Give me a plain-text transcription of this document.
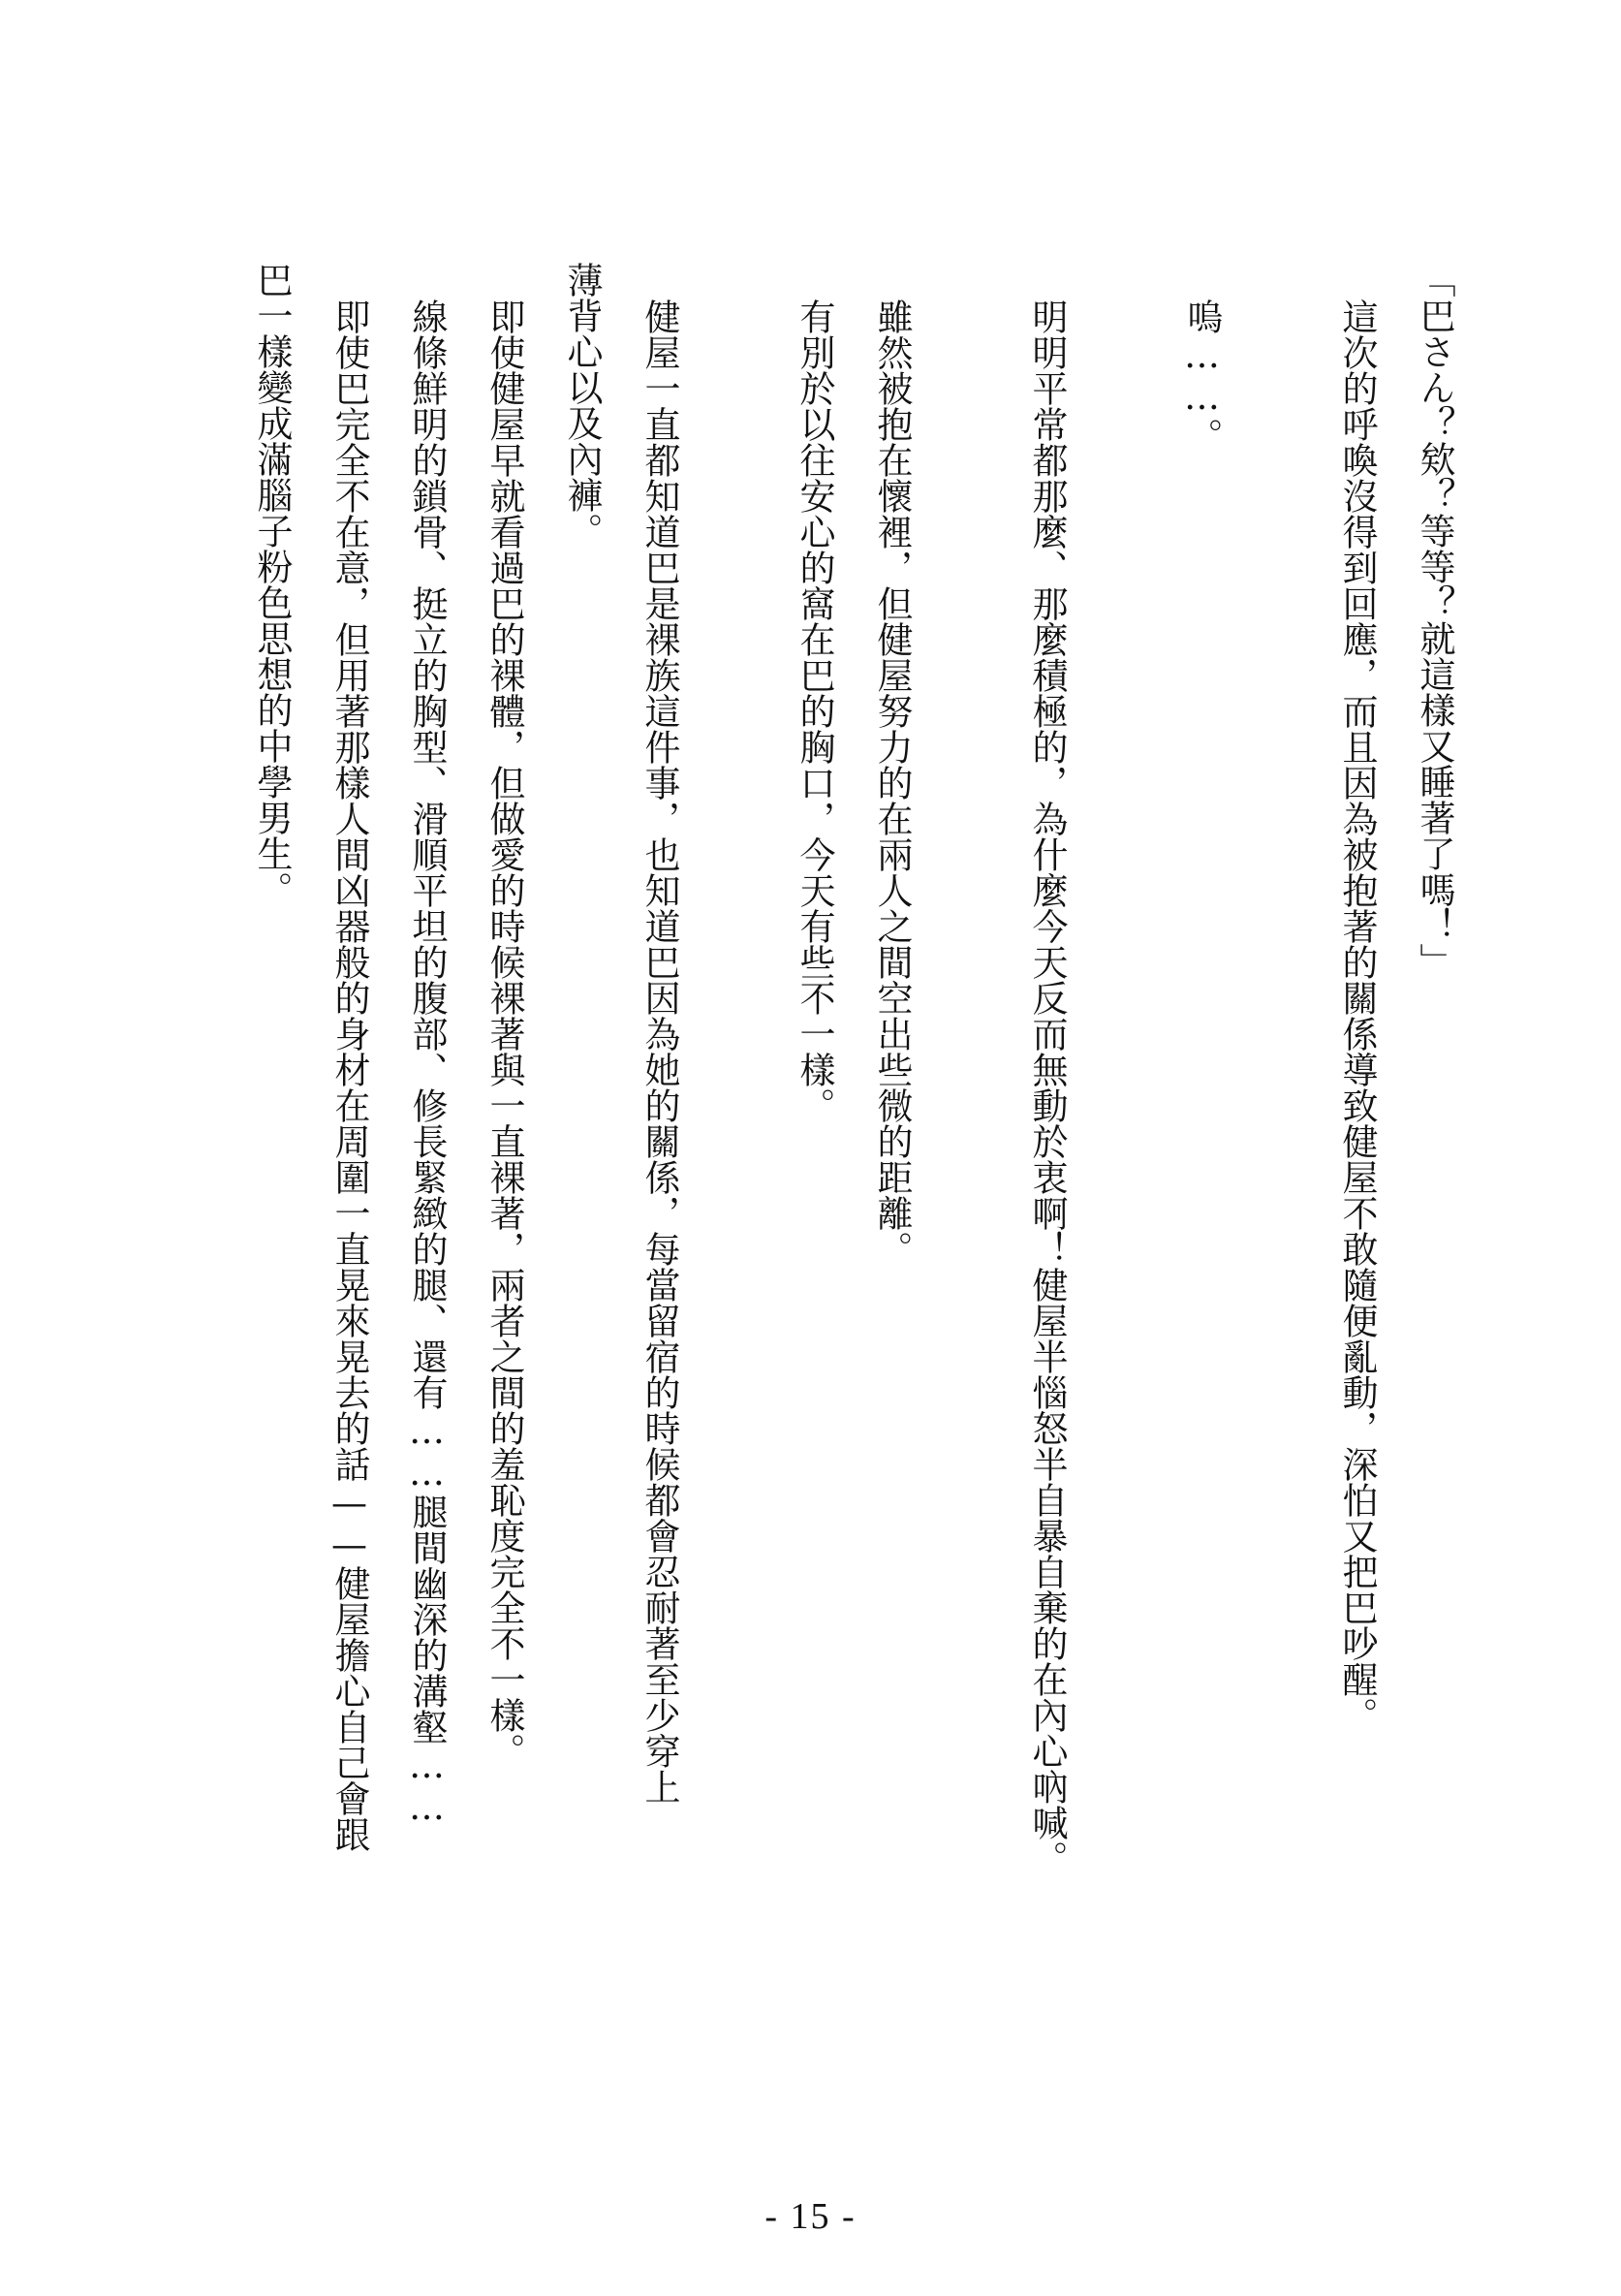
「巴さん？欸？等等？就這樣又睡著了嗎！」

這次的呼喚沒得到回應，而且因為被抱著的關係導致健屋不敢隨便亂動，深怕又把巴吵醒。

嗚……。

明明平常都那麼、那麼積極的，為什麼今天反而無動於衷啊！健屋半惱怒半自暴自棄的在內心吶喊。

雖然被抱在懷裡，但健屋努力的在兩人之間空出些微的距離。

有別於以往安心的窩在巴的胸口，今天有些不一樣。

健屋一直都知道巴是裸族這件事，也知道巴因為她的關係，每當留宿的時候都會忍耐著至少穿上

薄背心以及內褲。

即使健屋早就看過巴的裸體，但做愛的時候裸著與一直裸著，兩者之間的羞恥度完全不一樣。

線條鮮明的鎖骨、挺立的胸型、滑順平坦的腹部、修長緊緻的腿、還有……腿間幽深的溝壑……

即使巴完全不在意，但用著那樣人間凶器般的身材在周圍一直晃來晃去的話——健屋擔心自己會跟

巴一樣變成滿腦子粉色思想的中學男生。

- 15 -
